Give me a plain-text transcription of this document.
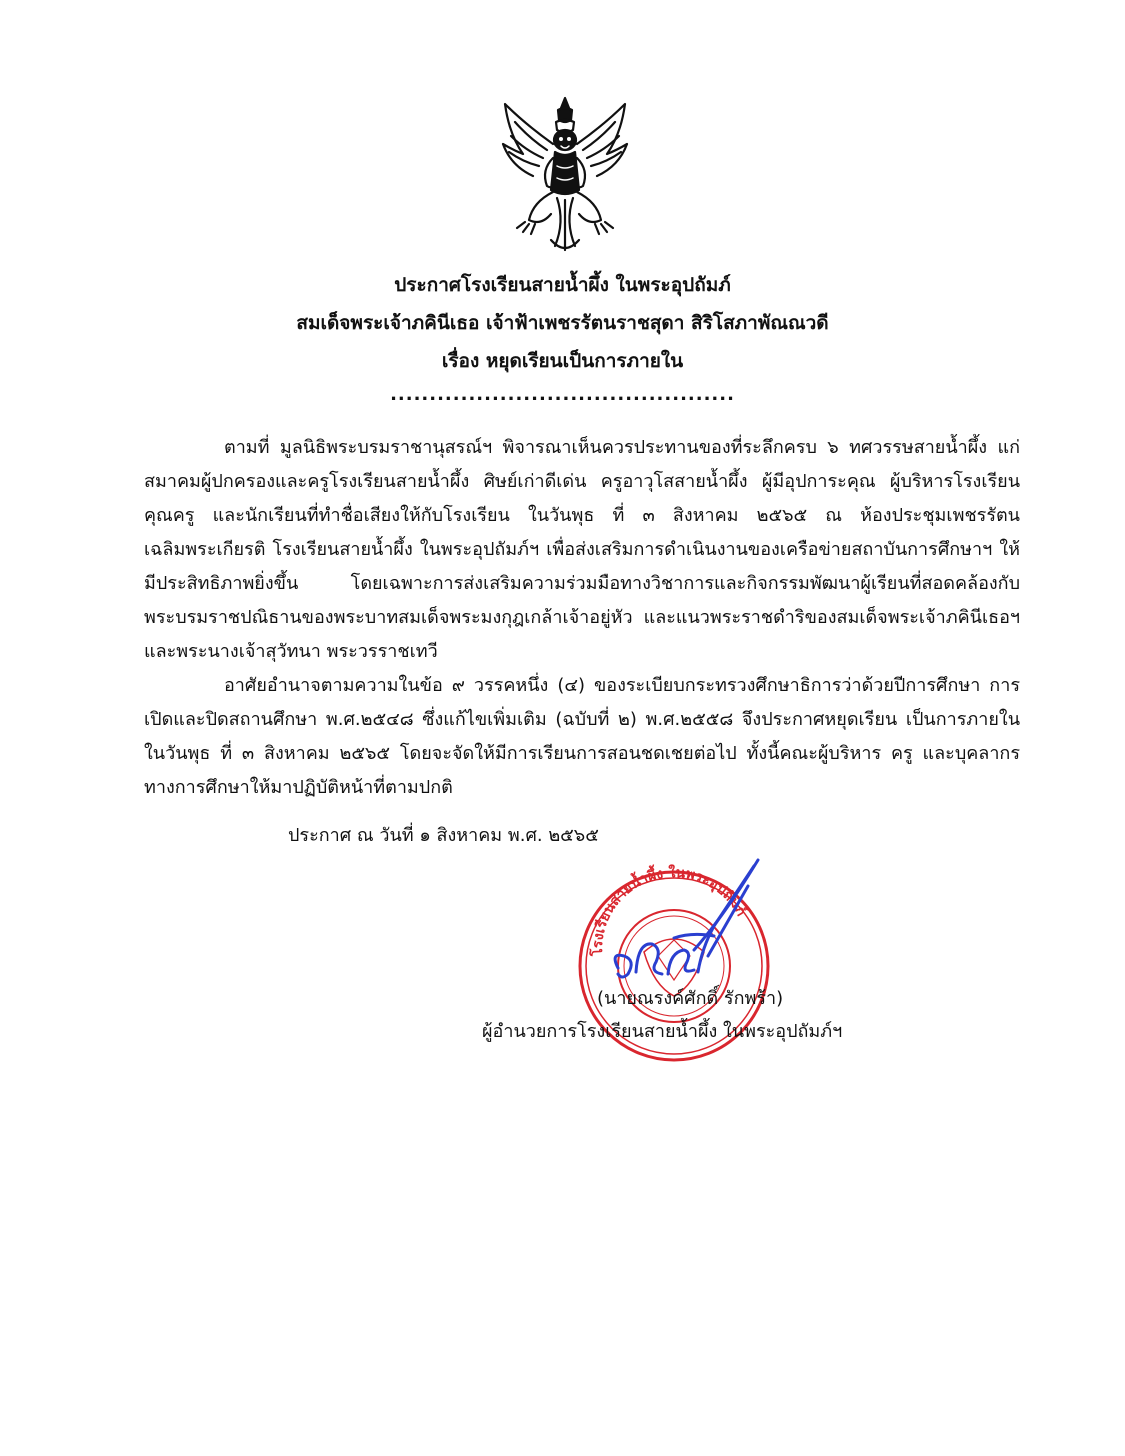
ประกาศโรงเรียนสายน้ำผึ้ง ในพระอุปถัมภ์
สมเด็จพระเจ้าภคินีเธอ เจ้าฟ้าเพชรรัตนราชสุดา สิริโสภาพัณณวดี
เรื่อง หยุดเรียนเป็นการภายใน
............................................

ตามที่ มูลนิธิพระบรมราชานุสรณ์ฯ พิจารณาเห็นควรประทานของที่ระลึกครบ ๖ ทศวรรษสายน้ำผึ้ง แก่สมาคมผู้ปกครองและครูโรงเรียนสายน้ำผึ้ง ศิษย์เก่าดีเด่น ครูอาวุโสสายน้ำผึ้ง ผู้มีอุปการะคุณ ผู้บริหารโรงเรียน คุณครู และนักเรียนที่ทำชื่อเสียงให้กับโรงเรียน ในวันพุธ ที่ ๓ สิงหาคม ๒๕๖๕ ณ ห้องประชุมเพชรรัตน เฉลิมพระเกียรติ โรงเรียนสายน้ำผึ้ง ในพระอุปถัมภ์ฯ เพื่อส่งเสริมการดำเนินงานของเครือข่ายสถาบันการศึกษาฯ ให้มีประสิทธิภาพยิ่งขึ้น โดยเฉพาะการส่งเสริมความร่วมมือทางวิชาการและกิจกรรมพัฒนาผู้เรียนที่สอดคล้องกับ พระบรมราชปณิธานของพระบาทสมเด็จพระมงกุฎเกล้าเจ้าอยู่หัว และแนวพระราชดำริของสมเด็จพระเจ้าภคินีเธอฯ และพระนางเจ้าสุวัทนา พระวรราชเทวี

อาศัยอำนาจตามความในข้อ ๙ วรรคหนึ่ง (๔) ของระเบียบกระทรวงศึกษาธิการว่าด้วยปีการศึกษา การเปิดและปิดสถานศึกษา พ.ศ.๒๕๔๘ ซึ่งแก้ไขเพิ่มเติม (ฉบับที่ ๒) พ.ศ.๒๕๕๘ จึงประกาศหยุดเรียน เป็นการภายใน ในวันพุธ ที่ ๓ สิงหาคม ๒๕๖๕ โดยจะจัดให้มีการเรียนการสอนชดเชยต่อไป ทั้งนี้คณะผู้บริหาร ครู และบุคลากรทางการศึกษาให้มาปฏิบัติหน้าที่ตามปกติ

ประกาศ ณ วันที่ ๑ สิงหาคม พ.ศ. ๒๕๖๕
โรงเรียนสายน้ำผึ้ง ในพระอุปถัมภ์
(นายณรงค์ศักดิ์ รักพร้า)
ผู้อำนวยการโรงเรียนสายน้ำผึ้ง ในพระอุปถัมภ์ฯ
